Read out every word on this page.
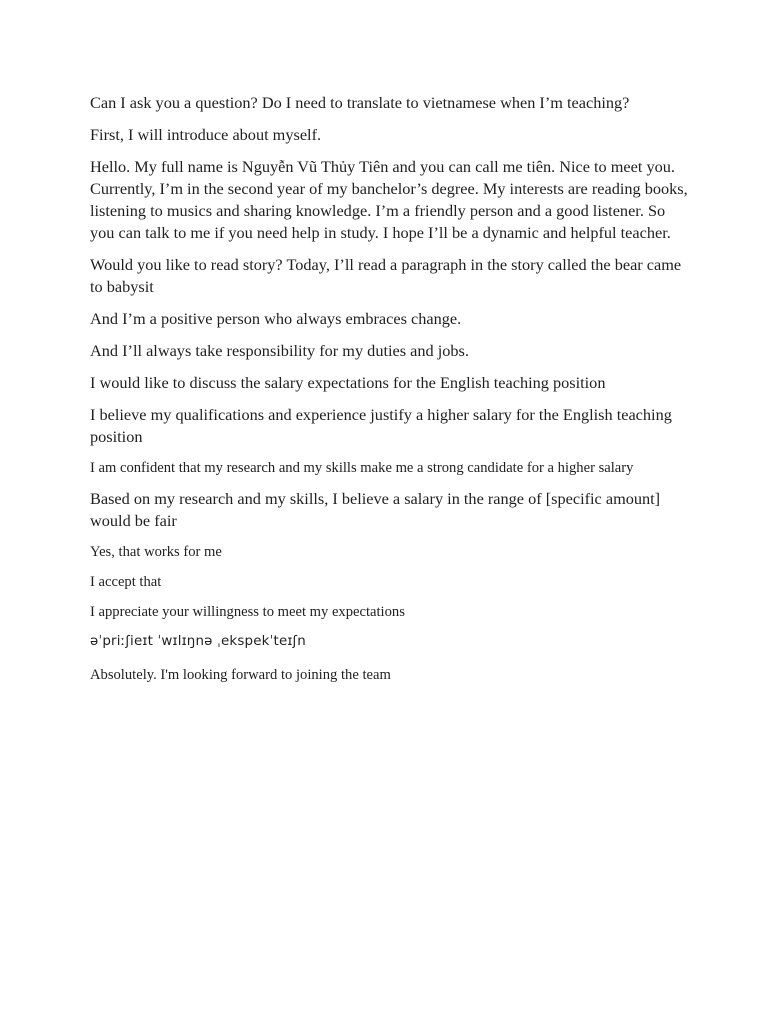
Can I ask you a question? Do I need to translate to vietnamese when I’m teaching?

First, I will introduce about myself.

Hello. My full name is Nguyễn Vũ Thủy Tiên and you can call me tiên. Nice to meet you. Currently, I’m in the second year of my banchelor’s degree. My interests are reading books, listening to musics and sharing knowledge. I’m a friendly person and a good listener. So you can talk to me if you need help in study. I hope I’ll be a dynamic and helpful teacher.

Would you like to read story? Today, I’ll read a paragraph in the story called the bear came to babysit

And I’m a positive person who always embraces change.

And I’ll always take responsibility for my duties and jobs.

I would like to discuss the salary expectations for the English teaching position

I believe my qualifications and experience justify a higher salary for the English teaching position

I am confident that my research and my skills make me a strong candidate for a higher salary

Based on my research and my skills, I believe a salary in the range of [specific amount] would be fair

Yes, that works for me

I accept that

I appreciate your willingness to meet my expectations

əˈpriːʃieɪt ˈwɪlɪŋnə ˌekspekˈteɪʃn

Absolutely. I'm looking forward to joining the team
